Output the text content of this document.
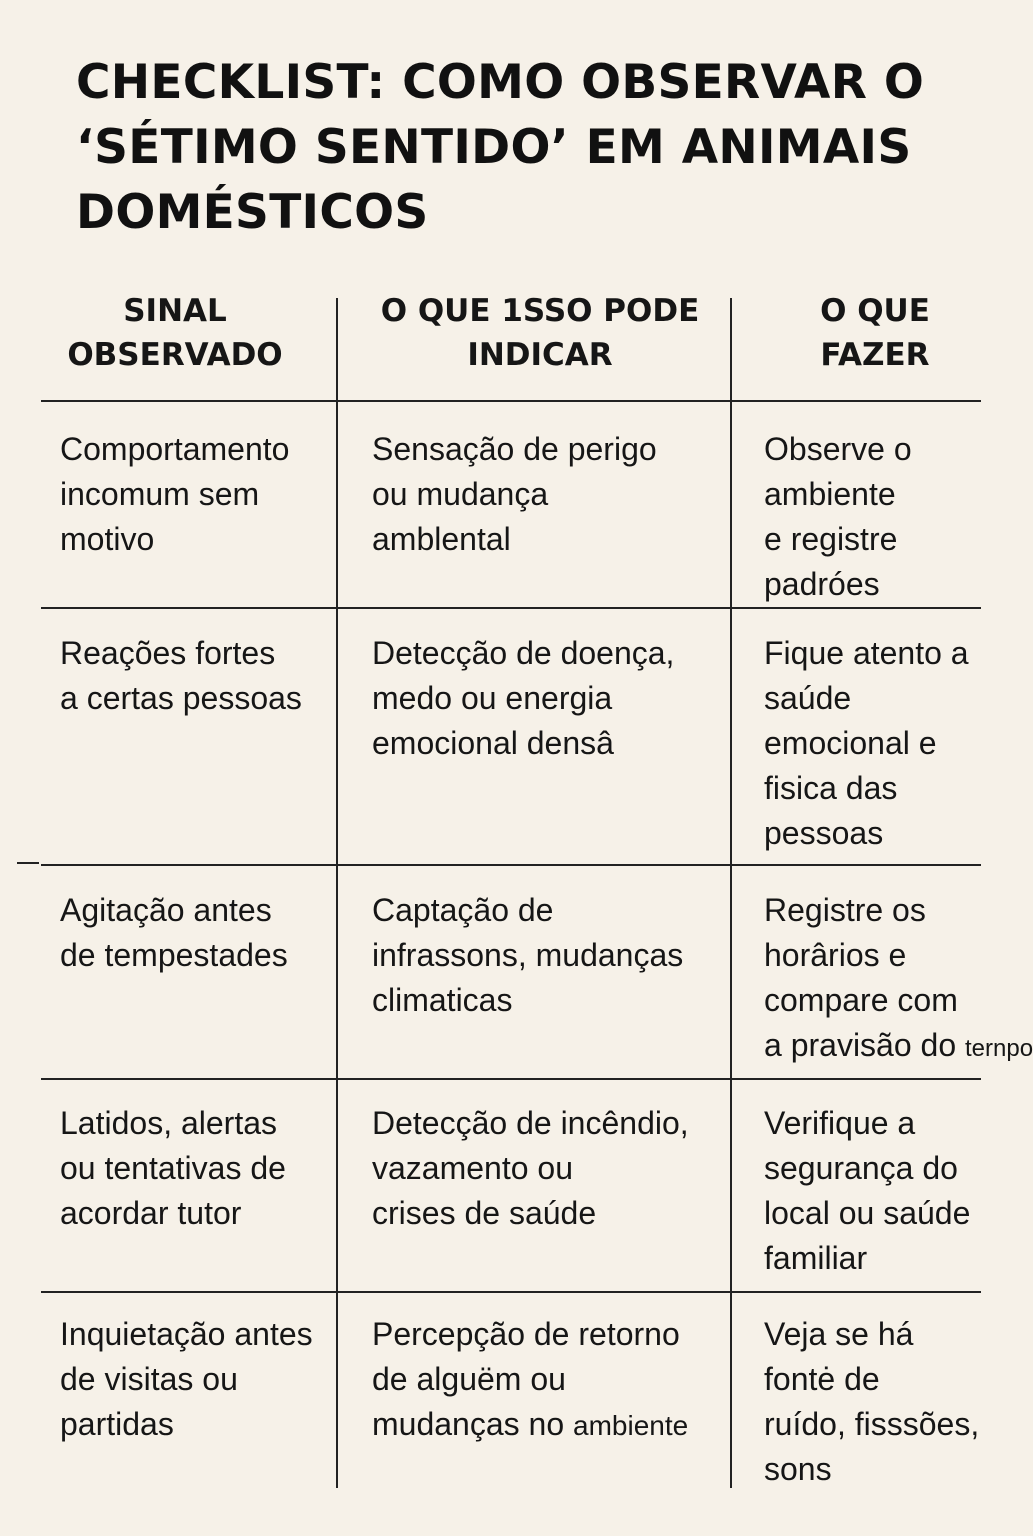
CHECKLIST: COMO OBSERVAR O
‘SÉTIMO SENTIDO’ EM ANIMAIS
DOMÉSTICOS
SINAL
OBSERVADO
O QUE 1SSO PODE
INDICAR
O QUE
FAZER
Comportamento
incomum sem
motivo
Sensação de perigo
ou mudança
amblental
Observe o
ambiente
e registre
padróes
Reações fortes
a certas pessoas
Detecção de doença,
medo ou energia
emocional densâ
Fique atento a
saúde
emocional e
fisica das
pessoas
Agitação antes
de tempestades
Captação de
infrassons, mudanças
climaticas
Registre os
horârios e
compare com
a pravisão do ternpo
Latidos, alertas
ou tentativas de
acordar tutor
Detecção de incêndio,
vazamento ou
crises de saúde
Verifique a
segurança do
local ou saúde
familiar
Inquietação antes
de visitas ou
partidas
Percepção de retorno
de alguëm ou
mudanças no ambiente
Veja se há
fontė de
ruído, fisssões,
sons
